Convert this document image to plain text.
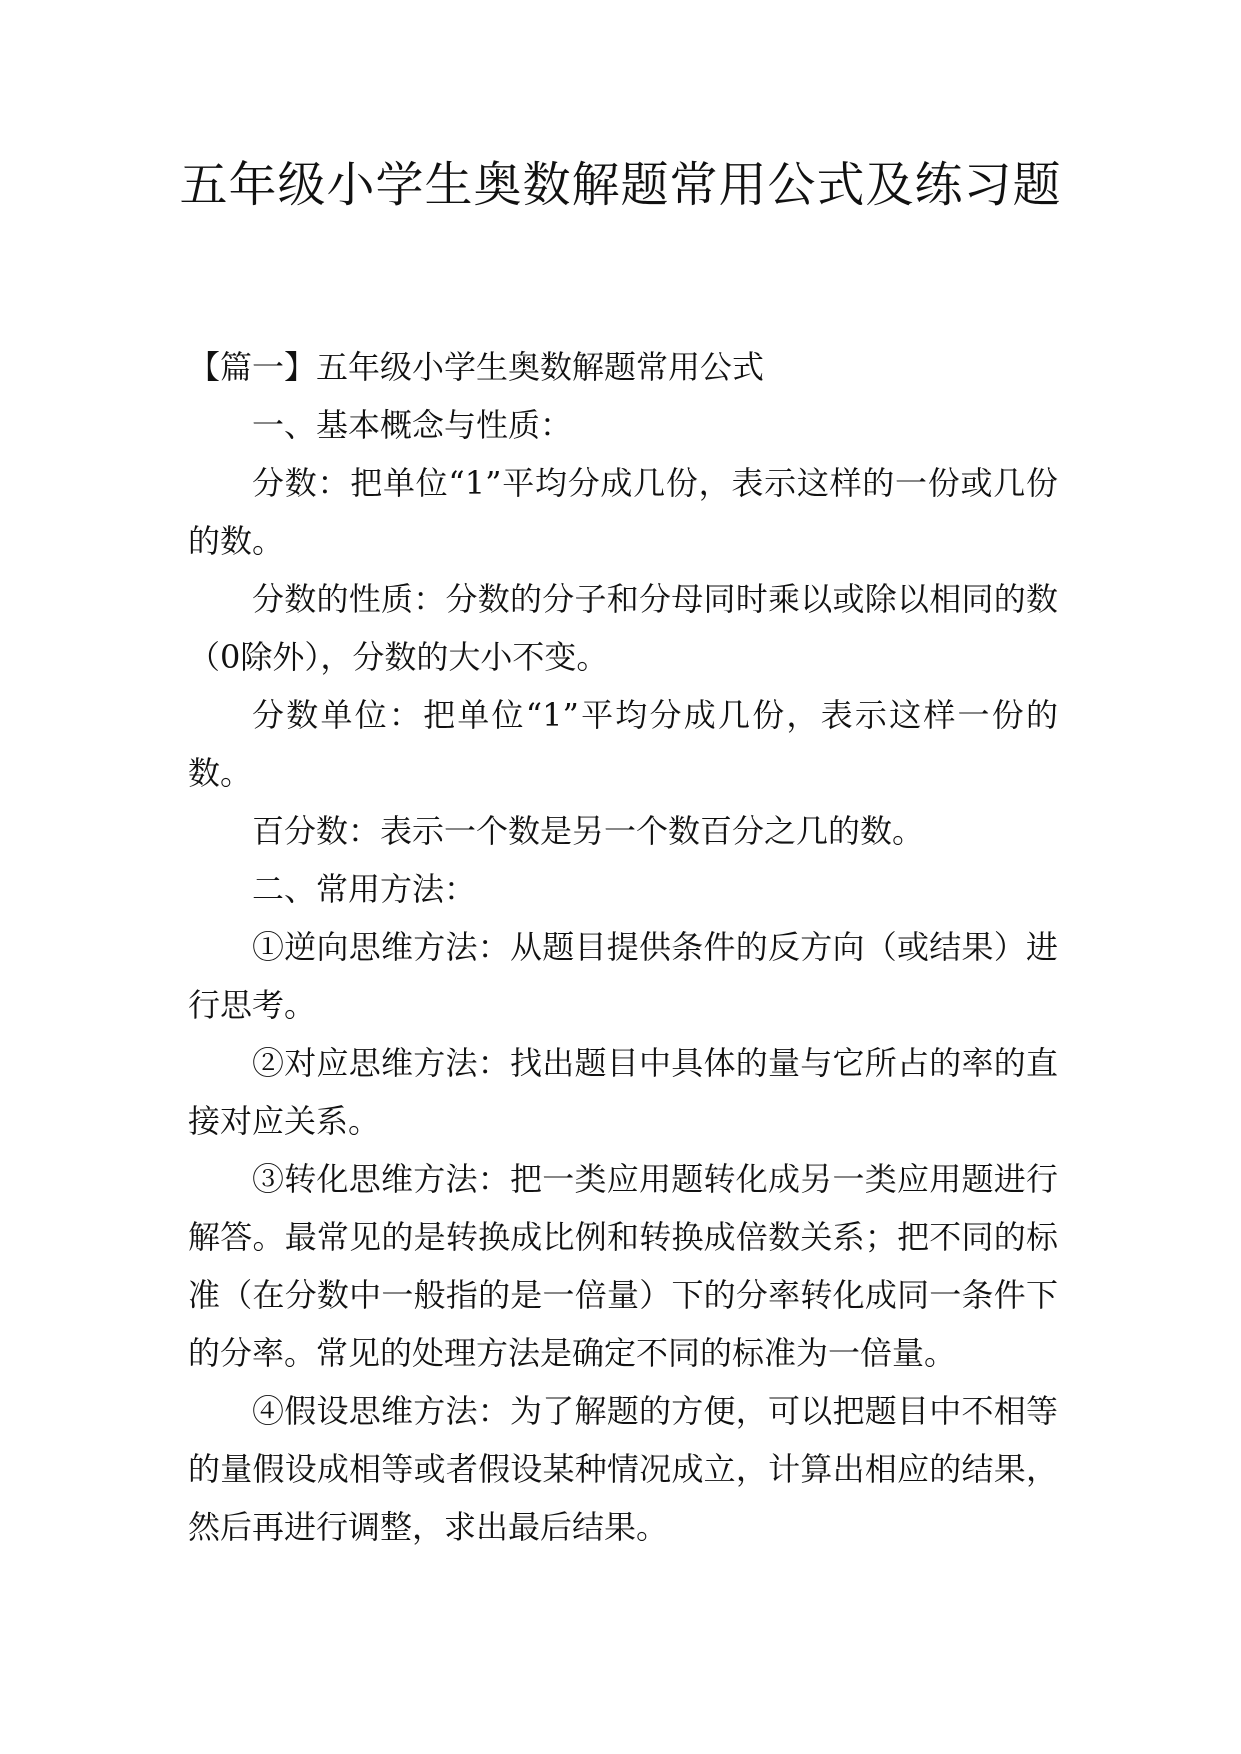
五年级小学生奥数解题常用公式及练习题
【篇一】五年级小学生奥数解题常用公式

一、基本概念与性质：

分数：把单位“1”平均分成几份，表示这样的一份或几份的数。

分数的性质：分数的分子和分母同时乘以或除以相同的数（0除外），分数的大小不变。

分数单位：把单位“1”平均分成几份，表示这样一份的数。

百分数：表示一个数是另一个数百分之几的数。

二、常用方法：

①逆向思维方法：从题目提供条件的反方向（或结果）进行思考。

②对应思维方法：找出题目中具体的量与它所占的率的直接对应关系。

③转化思维方法：把一类应用题转化成另一类应用题进行解答。最常见的是转换成比例和转换成倍数关系；把不同的标准（在分数中一般指的是一倍量）下的分率转化成同一条件下的分率。常见的处理方法是确定不同的标准为一倍量。

④假设思维方法：为了解题的方便，可以把题目中不相等的量假设成相等或者假设某种情况成立，计算出相应的结果，然后再进行调整，求出最后结果。
